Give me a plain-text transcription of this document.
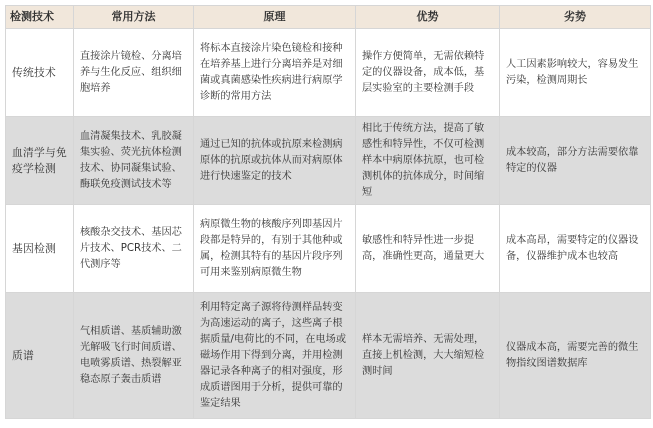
检测技术	常用方法	原理	优势	劣势
传统技术	直接涂片镜检、分离培养与生化反应、组织细胞培养	将标本直接涂片染色镜检和接种在培养基上进行分离培养是对细菌或真菌感染性疾病进行病原学诊断的常用方法	操作方便简单，无需依赖特定的仪器设备，成本低，基层实验室的主要检测手段	人工因素影响较大，容易发生污染，检测周期长
血清学与免疫学检测	血清凝集技术、乳胶凝集实验、荧光抗体检测技术、协同凝集试验、酶联免疫测试技术等	通过已知的抗体或抗原来检测病原体的抗原或抗体从而对病原体进行快速鉴定的技术	相比于传统方法，提高了敏感性和特异性，不仅可检测样本中病原体抗原，也可检测机体的抗体成分，时间缩短	成本较高，部分方法需要依靠特定的仪器
基因检测	核酸杂交技术、基因芯片技术、PCR技术、二代测序等	病原微生物的核酸序列即基因片段都是特异的，有别于其他种或属，检测其特有的基因片段序列可用来鉴别病原微生物	敏感性和特异性进一步提高，准确性更高，通量更大	成本高昂，需要特定的仪器设备，仪器维护成本也较高
质谱	气相质谱、基质辅助激光解吸飞行时间质谱、电喷雾质谱、热裂解亚稳态原子轰击质谱	利用特定离子源将待测样品转变为高速运动的离子，这些离子根据质量/电荷比的不同，在电场或磁场作用下得到分离，并用检测器记录各种离子的相对强度，形成质谱图用于分析，提供可靠的鉴定结果	样本无需培养、无需处理，直接上机检测，大大缩短检测时间	仪器成本高，需要完善的微生物指纹图谱数据库
